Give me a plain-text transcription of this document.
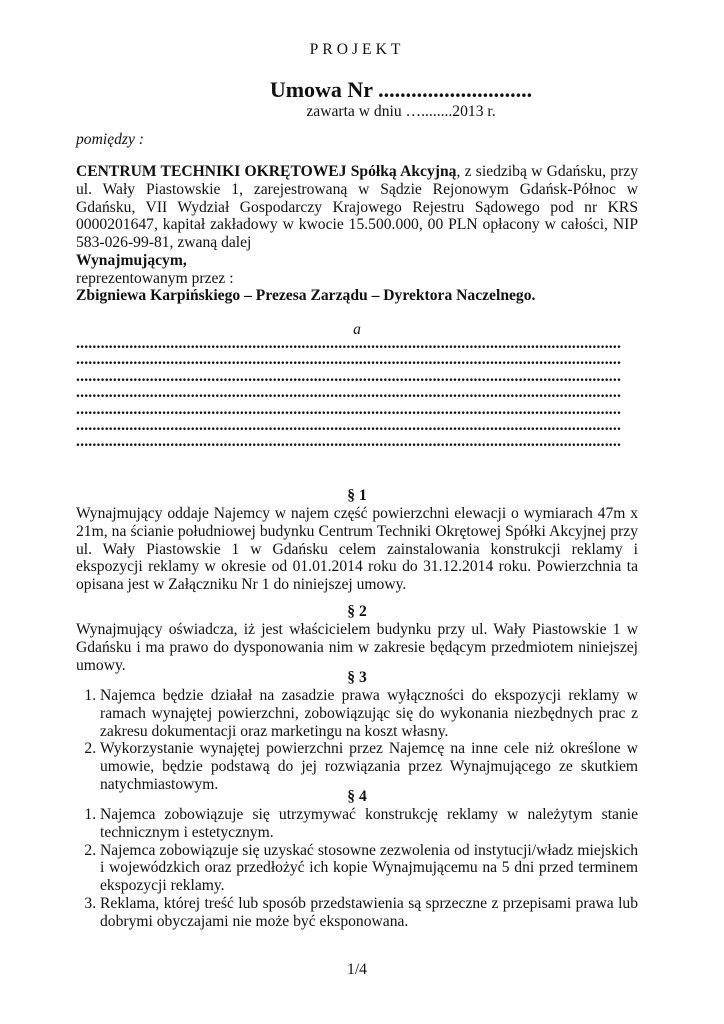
PROJEKT
Umowa Nr ............................
zawarta w dniu …........2013 r.
pomiędzy :
CENTRUM TECHNIKI OKRĘTOWEJ Spółką Akcyjną, z siedzibą w Gdańsku, przy ul. Wały Piastowskie 1, zarejestrowaną w Sądzie Rejonowym Gdańsk-Północ w Gdańsku, VII Wydział Gospodarczy Krajowego Rejestru Sądowego pod nr KRS 0000201647, kapitał zakładowy w kwocie 15.500.000, 00 PLN opłacony w całości, NIP 583-026-99-81, zwaną dalej
Wynajmującym,
reprezentowanym przez :
Zbigniewa Karpińskiego – Prezesa Zarządu – Dyrektora Naczelnego.
a
.....................................................................................................................................
.....................................................................................................................................
.....................................................................................................................................
.....................................................................................................................................
.....................................................................................................................................
.....................................................................................................................................
.....................................................................................................................................
§ 1
Wynajmujący oddaje Najemcy w najem część powierzchni elewacji o wymiarach 47m x 21m, na ścianie południowej budynku Centrum Techniki Okrętowej Spółki Akcyjnej przy ul. Wały Piastowskie 1 w Gdańsku celem zainstalowania konstrukcji reklamy i ekspozycji reklamy w okresie od 01.01.2014 roku do 31.12.2014 roku. Powierzchnia ta opisana jest w Załączniku Nr 1 do niniejszej umowy.
§ 2
Wynajmujący oświadcza, iż jest właścicielem budynku przy ul. Wały Piastowskie 1 w Gdańsku i ma prawo do dysponowania nim w zakresie będącym przedmiotem niniejszej umowy.
§ 3
1. Najemca będzie działał na zasadzie prawa wyłączności do ekspozycji reklamy w ramach wynajętej powierzchni, zobowiązując się do wykonania niezbędnych prac z zakresu dokumentacji oraz marketingu na koszt własny.
2. Wykorzystanie wynajętej powierzchni przez Najemcę na inne cele niż określone w umowie, będzie podstawą do jej rozwiązania przez Wynajmującego ze skutkiem natychmiastowym.
§ 4
1. Najemca zobowiązuje się utrzymywać konstrukcję reklamy w należytym stanie technicznym i estetycznym.
2. Najemca zobowiązuje się uzyskać stosowne zezwolenia od instytucji/władz miejskich i wojewódzkich oraz przedłożyć ich kopie Wynajmującemu na 5 dni przed terminem ekspozycji reklamy.
3. Reklama, której treść lub sposób przedstawienia są sprzeczne z przepisami prawa lub dobrymi obyczajami nie może być eksponowana.
1/4
